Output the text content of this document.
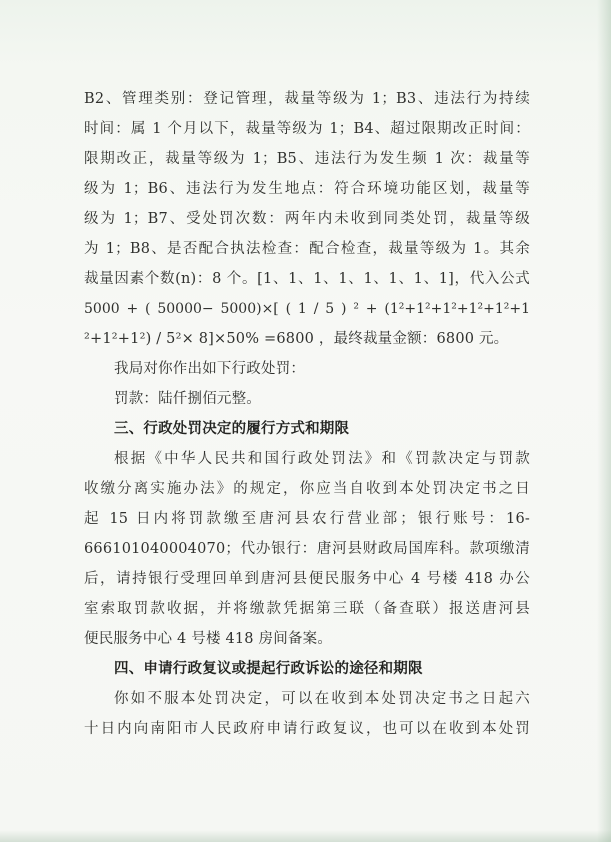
B2、管理类别：登记管理，裁量等级为 1；B3、违法行为持续
时间：属 1 个月以下，裁量等级为 1；B4、超过限期改正时间：
限期改正，裁量等级为 1；B5、违法行为发生频 1 次：裁量等
级为 1；B6、违法行为发生地点：符合环境功能区划，裁量等
级为 1；B7、受处罚次数：两年内未收到同类处罚，裁量等级
为 1；B8、是否配合执法检查：配合检查，裁量等级为 1。其余
裁量因素个数(n)：8 个。[1、1、1、1、1、1、1、1]，代入公式
5000 + ( 50000− 5000)×[ ( 1 / 5 ) ² + (1²+1²+1²+1²+1²+1
²+1²+1²) / 5²× 8]×50% =6800 ，最终裁量金额：6800 元。
我局对你作出如下行政处罚：
罚款：陆仟捌佰元整。
三、行政处罚决定的履行方式和期限
根据《中华人民共和国行政处罚法》和《罚款决定与罚款
收缴分离实施办法》的规定，你应当自收到本处罚决定书之日
起 15 日内将罚款缴至唐河县农行营业部；银行账号：16-
666101040004070；代办银行：唐河县财政局国库科。款项缴清
后，请持银行受理回单到唐河县便民服务中心 4 号楼 418 办公
室索取罚款收据，并将缴款凭据第三联（备查联）报送唐河县
便民服务中心 4 号楼 418 房间备案。
四、申请行政复议或提起行政诉讼的途径和期限
你如不服本处罚决定，可以在收到本处罚决定书之日起六
十日内向南阳市人民政府申请行政复议，也可以在收到本处罚
